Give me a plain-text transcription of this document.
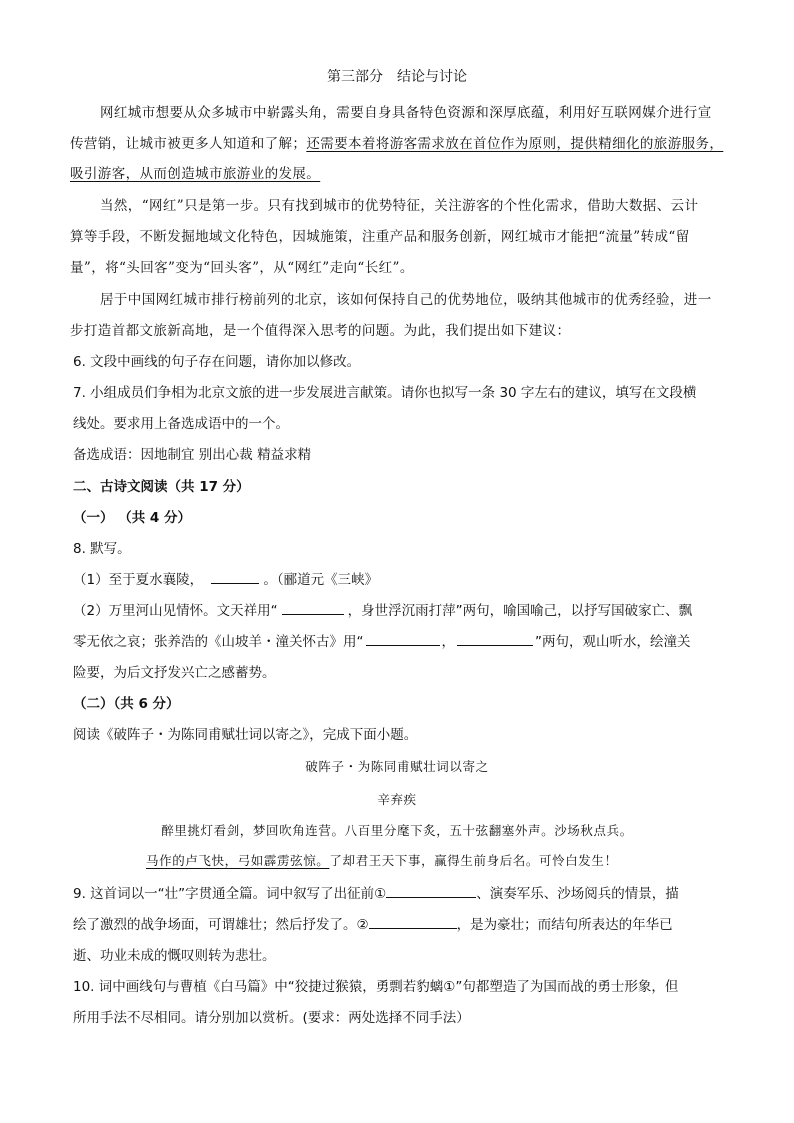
第三部分　结论与讨论
网红城市想要从众多城市中崭露头角，需要自身具备特色资源和深厚底蕴，利用好互联网媒介进行宣
传营销，让城市被更多人知道和了解；还需要本着将游客需求放在首位作为原则，提供精细化的旅游服务，
吸引游客，从而创造城市旅游业的发展。
当然，“网红”只是第一步。只有找到城市的优势特征，关注游客的个性化需求，借助大数据、云计
算等手段，不断发掘地域文化特色，因城施策，注重产品和服务创新，网红城市才能把“流量”转成“留
量”，将“头回客”变为“回头客”，从“网红”走向“长红”。
居于中国网红城市排行榜前列的北京，该如何保持自己的优势地位，吸纳其他城市的优秀经验，进一
步打造首都文旅新高地，是一个值得深入思考的问题。为此，我们提出如下建议：
6. 文段中画线的句子存在问题，请你加以修改。
7. 小组成员们争相为北京文旅的进一步发展进言献策。请你也拟写一条 30 字左右的建议，填写在文段横
线处。要求用上备选成语中的一个。
备选成语：因地制宜 别出心裁 精益求精
二、古诗文阅读（共 17 分）
（一） （共 4 分）
8. 默写。
（1）至于夏水襄陵，	。（郦道元《三峡》
（2）万里河山见情怀。文天祥用“	，身世浮沉雨打萍”两句，喻国喻己，以抒写国破家亡、飘
零无依之哀；张养浩的《山坡羊・潼关怀古》用“	，	”两句，观山听水，绘潼关
险要，为后文抒发兴亡之感蓄势。
（二）（共 6 分）
阅读《破阵子・为陈同甫赋壮词以寄之》，完成下面小题。
破阵子・为陈同甫赋壮词以寄之
辛弃疾
醉里挑灯看剑，梦回吹角连营。八百里分麾下炙，五十弦翻塞外声。沙场秋点兵。
马作的卢飞快，弓如霹雳弦惊。了却君王天下事，赢得生前身后名。可怜白发生！
9. 这首词以一“壮”字贯通全篇。词中叙写了出征前①	、演奏军乐、沙场阅兵的情景，描
绘了激烈的战争场面，可谓雄壮；然后抒发了。②	，是为豪壮；而结句所表达的年华已
逝、功业未成的慨叹则转为悲壮。
10. 词中画线句与曹植《白马篇》中“狡捷过猴猿，勇剽若豹螭①”句都塑造了为国而战的勇士形象，但
所用手法不尽相同。请分别加以赏析。(要求：两处选择不同手法）
